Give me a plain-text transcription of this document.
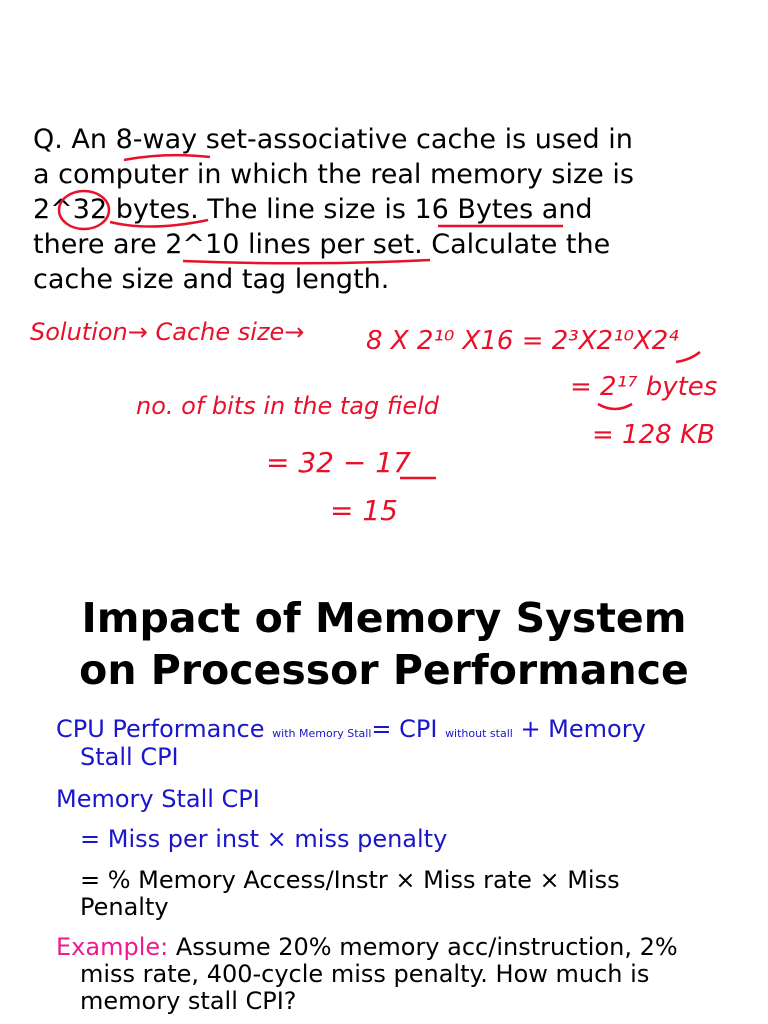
Q. An 8-way set-associative cache is used in
a computer in which the real memory size is
2^32 bytes. The line size is 16 Bytes and
there are 2^10 lines per set. Calculate the
cache size and tag length.
Solution→ Cache size→ 8 X 2¹⁰ X16 = 2³X2¹⁰X2⁴
= 2¹⁷ bytes
= 128 KB
no. of bits in the tag field
= 32 − 17
= 15
Impact of Memory System
on Processor Performance
CPU Performance with Memory Stall= CPI without stall + Memory
Stall CPI
Memory Stall CPI
= Miss per inst × miss penalty
= % Memory Access/Instr × Miss rate × Miss
Penalty
Example: Assume 20% memory acc/instruction, 2%
miss rate, 400-cycle miss penalty. How much is
memory stall CPI?
